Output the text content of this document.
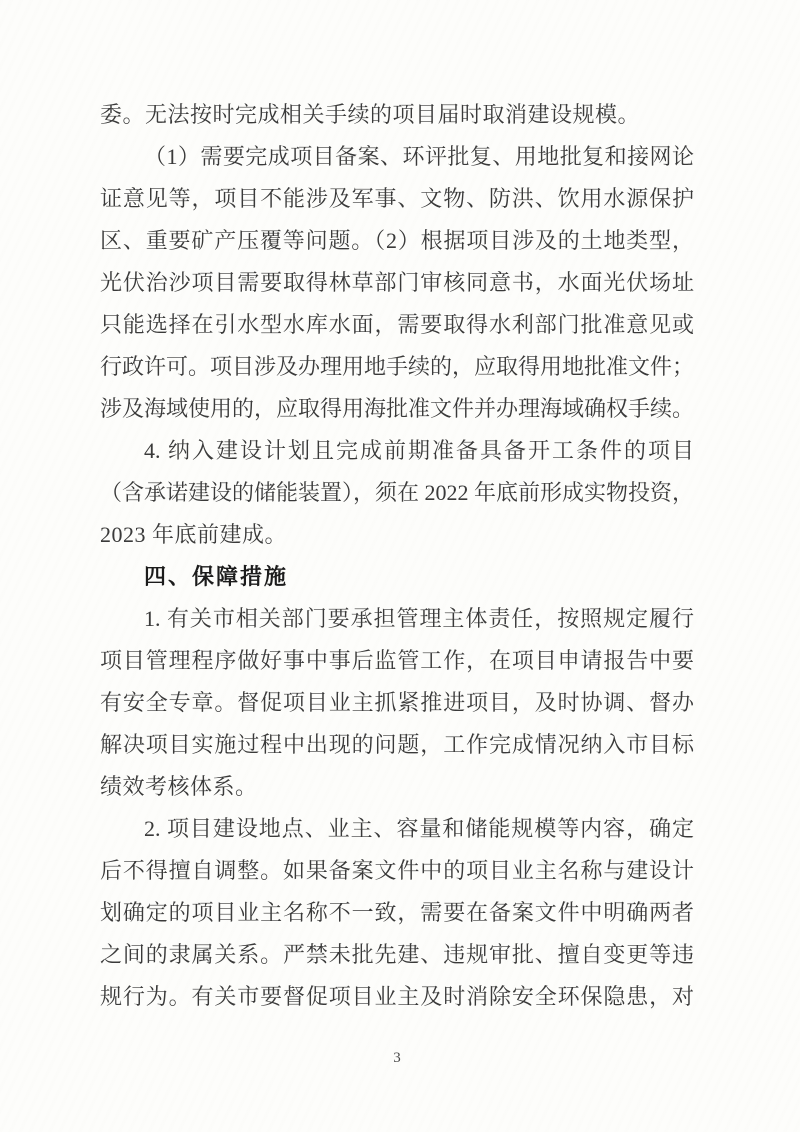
委。无法按时完成相关手续的项目届时取消建设规模。
（1）需要完成项目备案、环评批复、用地批复和接网论
证意见等，项目不能涉及军事、文物、防洪、饮用水源保护
区、重要矿产压覆等问题。（2）根据项目涉及的土地类型，
光伏治沙项目需要取得林草部门审核同意书，水面光伏场址
只能选择在引水型水库水面，需要取得水利部门批准意见或
行政许可。项目涉及办理用地手续的，应取得用地批准文件；
涉及海域使用的，应取得用海批准文件并办理海域确权手续。
4. 纳入建设计划且完成前期准备具备开工条件的项目
（含承诺建设的储能装置），须在 2022 年底前形成实物投资，
2023 年底前建成。
四、保障措施
1. 有关市相关部门要承担管理主体责任，按照规定履行
项目管理程序做好事中事后监管工作，在项目申请报告中要
有安全专章。督促项目业主抓紧推进项目，及时协调、督办
解决项目实施过程中出现的问题，工作完成情况纳入市目标
绩效考核体系。
2. 项目建设地点、业主、容量和储能规模等内容，确定
后不得擅自调整。如果备案文件中的项目业主名称与建设计
划确定的项目业主名称不一致，需要在备案文件中明确两者
之间的隶属关系。严禁未批先建、违规审批、擅自变更等违
规行为。有关市要督促项目业主及时消除安全环保隐患，对
3
